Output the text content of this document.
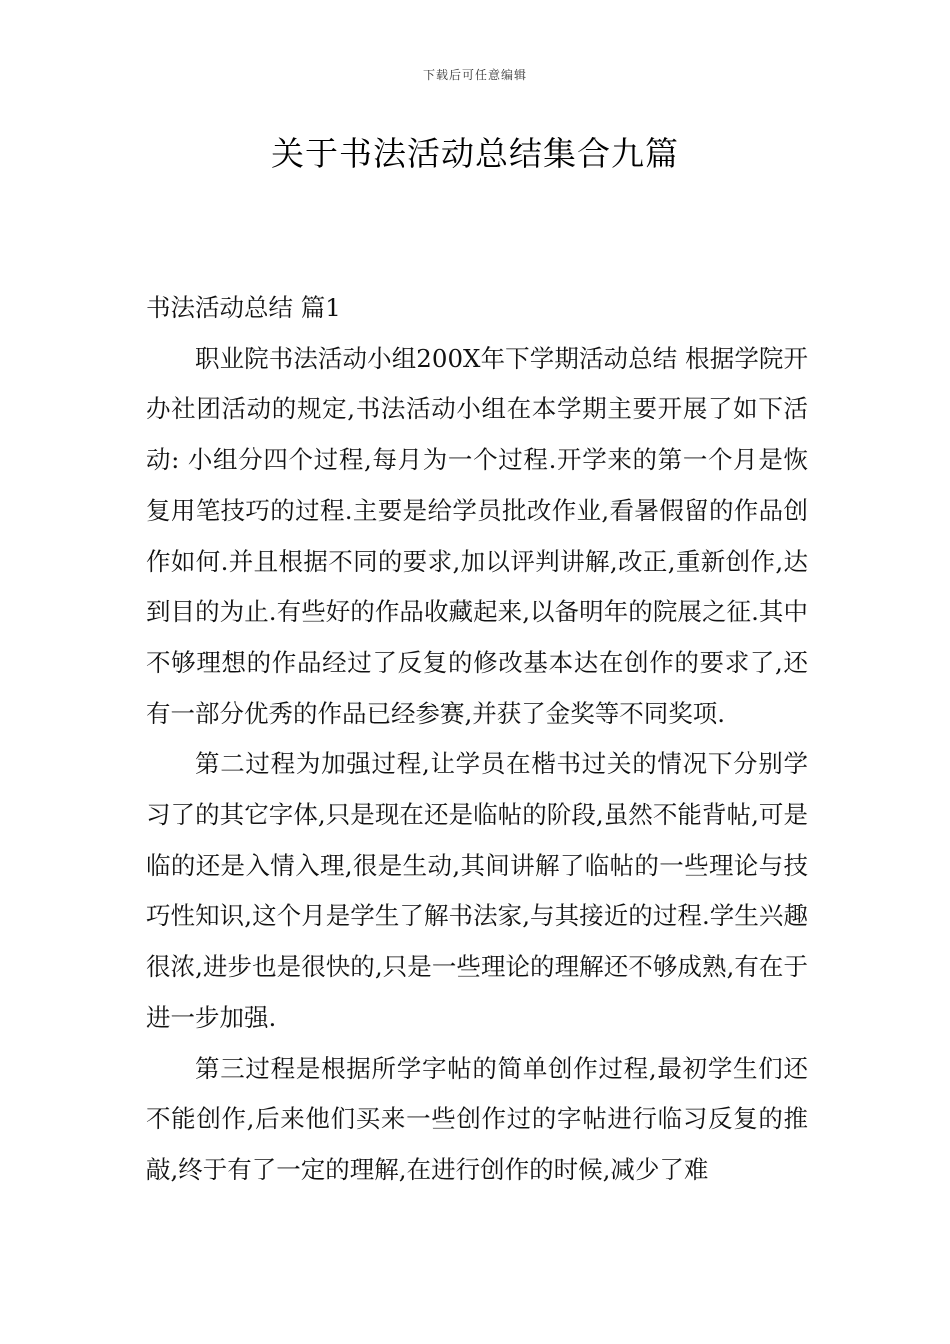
下载后可任意编辑
关于书法活动总结集合九篇
书法活动总结 篇1

职业院书法活动小组200X年下学期活动总结 根据学院开办社团活动的规定,书法活动小组在本学期主要开展了如下活动: 小组分四个过程,每月为一个过程.开学来的第一个月是恢复用笔技巧的过程.主要是给学员批改作业,看暑假留的作品创作如何.并且根据不同的要求,加以评判讲解,改正,重新创作,达到目的为止.有些好的作品收藏起来,以备明年的院展之征.其中不够理想的作品经过了反复的修改基本达在创作的要求了,还有一部分优秀的作品已经参赛,并获了金奖等不同奖项.

第二过程为加强过程,让学员在楷书过关的情况下分别学习了的其它字体,只是现在还是临帖的阶段,虽然不能背帖,可是临的还是入情入理,很是生动,其间讲解了临帖的一些理论与技巧性知识,这个月是学生了解书法家,与其接近的过程.学生兴趣很浓,进步也是很快的,只是一些理论的理解还不够成熟,有在于进一步加强.

第三过程是根据所学字帖的简单创作过程,最初学生们还不能创作,后来他们买来一些创作过的字帖进行临习反复的推敲,终于有了一定的理解,在进行创作的时候,减少了难
